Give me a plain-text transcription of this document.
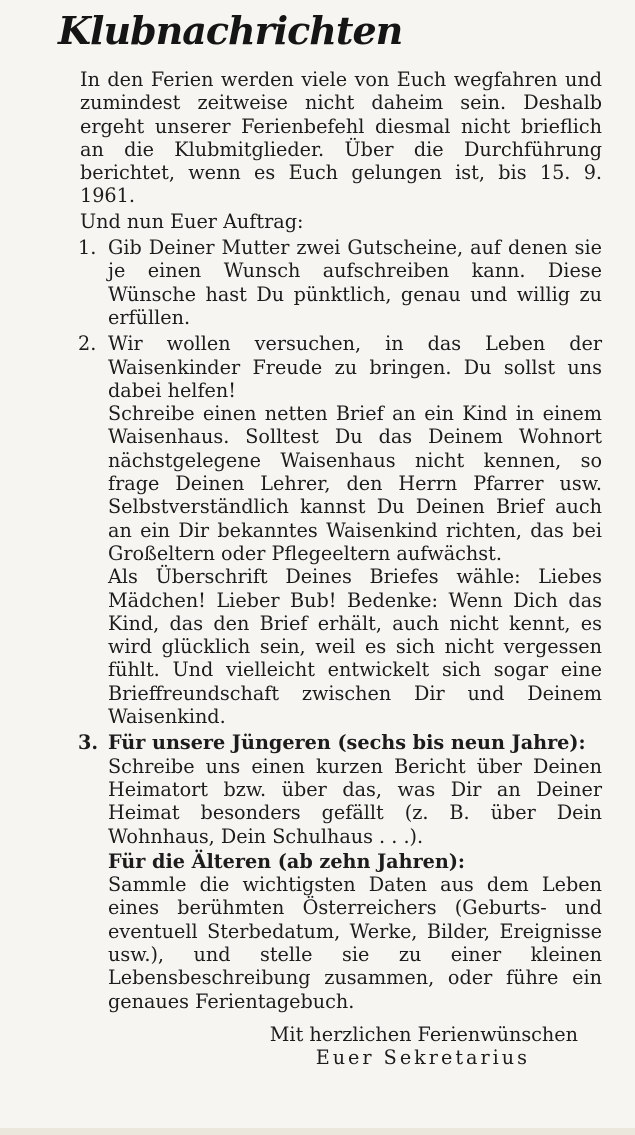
Klubnachrichten

In den Ferien werden viele von Euch wegfahren und zumindest zeitweise nicht daheim sein. Deshalb ergeht unserer Ferienbefehl diesmal nicht brieflich an die Klubmitglieder. Über die Durchführung berichtet, wenn es Euch gelungen ist, bis 15. 9. 1961.

Und nun Euer Auftrag:

1. Gib Deiner Mutter zwei Gutscheine, auf denen sie je einen Wunsch aufschreiben kann. Diese Wünsche hast Du pünktlich, genau und willig zu erfüllen.

2. Wir wollen versuchen, in das Leben der Waisenkinder Freude zu bringen. Du sollst uns dabei helfen!

Schreibe einen netten Brief an ein Kind in einem Waisenhaus. Solltest Du das Deinem Wohnort nächstgelegene Waisenhaus nicht kennen, so frage Deinen Lehrer, den Herrn Pfarrer usw. Selbstverständlich kannst Du Deinen Brief auch an ein Dir bekanntes Waisenkind richten, das bei Großeltern oder Pflegeeltern aufwächst.

Als Überschrift Deines Briefes wähle: Liebes Mädchen! Lieber Bub! Bedenke: Wenn Dich das Kind, das den Brief erhält, auch nicht kennt, es wird glücklich sein, weil es sich nicht vergessen fühlt. Und vielleicht entwickelt sich sogar eine Brieffreundschaft zwischen Dir und Deinem Waisenkind.

3. Für unsere Jüngeren (sechs bis neun Jahre):

Schreibe uns einen kurzen Bericht über Deinen Heimatort bzw. über das, was Dir an Deiner Heimat besonders gefällt (z. B. über Dein Wohnhaus, Dein Schulhaus . . .).

Für die Älteren (ab zehn Jahren):

Sammle die wichtigsten Daten aus dem Leben eines berühmten Österreichers (Geburts- und eventuell Sterbedatum, Werke, Bilder, Ereignisse usw.), und stelle sie zu einer kleinen Lebensbeschreibung zusammen, oder führe ein genaues Ferientagebuch.

Mit herzlichen Ferienwünschen

Euer Sekretarius
